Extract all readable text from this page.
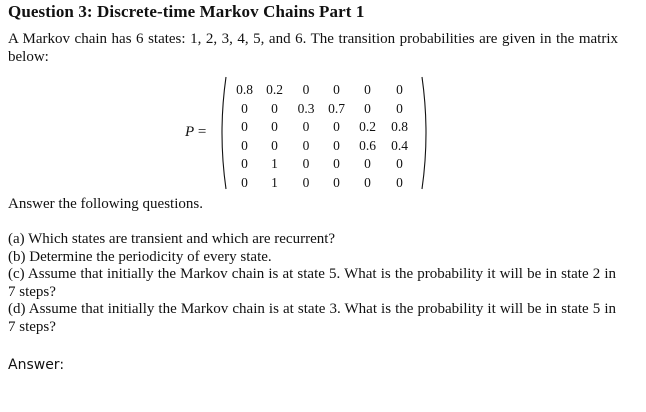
Question 3: Discrete-time Markov Chains Part 1
A Markov chain has 6 states: 1, 2, 3, 4, 5, and 6. The transition probabilities are given in the matrix below:
P =
0.8	0.2	0	0	0	0
0	0	0.3	0.7	0	0
0	0	0	0	0.2	0.8
0	0	0	0	0.6	0.4
0	1	0	0	0	0
0	1	0	0	0	0
Answer the following questions.

(a) Which states are transient and which are recurrent?

(b) Determine the periodicity of every state.

(c) Assume that initially the Markov chain is at state 5. What is the probability it will be in state 2 in 7 steps?

(d) Assume that initially the Markov chain is at state 3. What is the probability it will be in state 5 in 7 steps?

Answer:
